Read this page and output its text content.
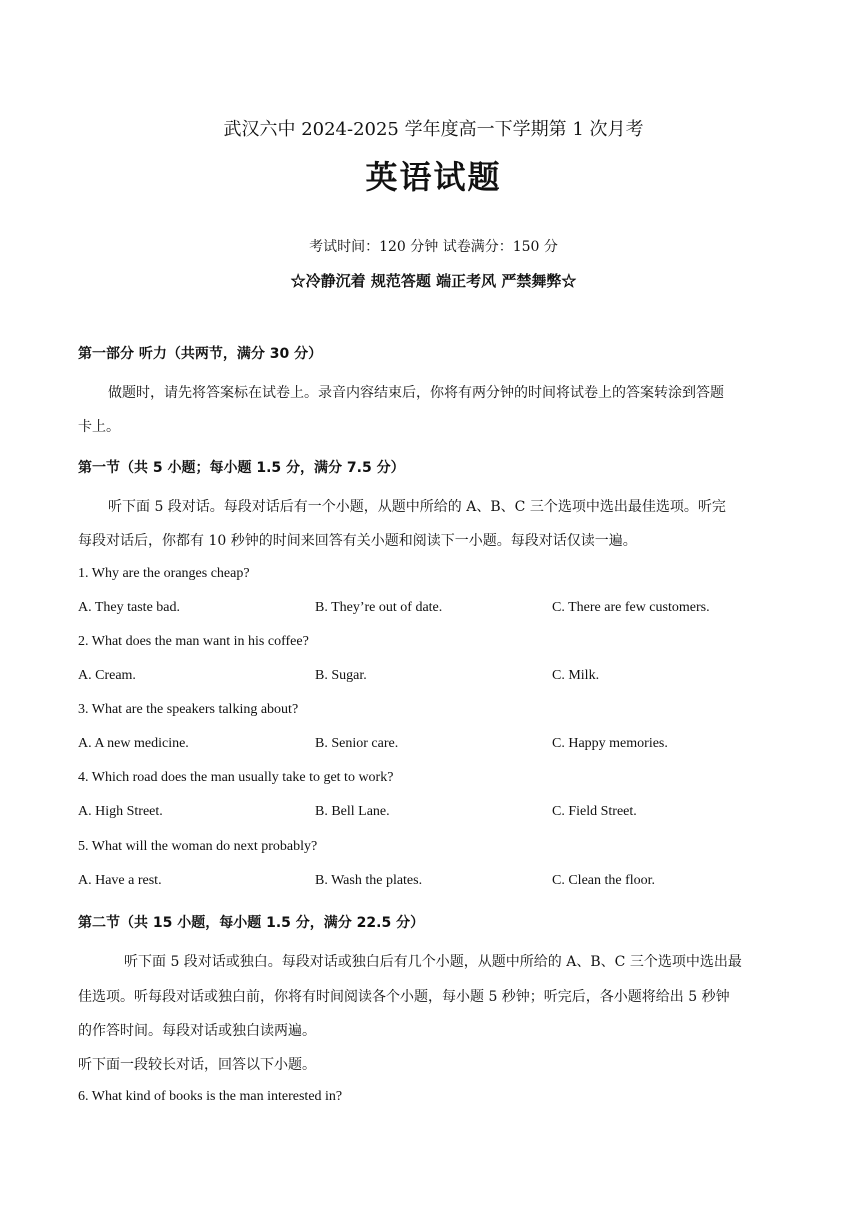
武汉六中 2024-2025 学年度高一下学期第 1 次月考
英语试题
考试时间：120 分钟 试卷满分：150 分
☆冷静沉着 规范答题 端正考风 严禁舞弊☆
第一部分 听力（共两节，满分 30 分）
做题时，请先将答案标在试卷上。录音内容结束后，你将有两分钟的时间将试卷上的答案转涂到答题
卡上。
第一节（共 5 小题；每小题 1.5 分，满分 7.5 分）
听下面 5 段对话。每段对话后有一个小题，从题中所给的 A、B、C 三个选项中选出最佳选项。听完
每段对话后，你都有 10 秒钟的时间来回答有关小题和阅读下一小题。每段对话仅读一遍。
1. Why are the oranges cheap?
A. They taste bad.	B. They’re out of date.	C. There are few customers.
2. What does the man want in his coffee?
A. Cream.	B. Sugar.	C. Milk.
3. What are the speakers talking about?
A. A new medicine.	B. Senior care.	C. Happy memories.
4. Which road does the man usually take to get to work?
A. High Street.	B. Bell Lane.	C. Field Street.
5. What will the woman do next probably?
A. Have a rest.	B. Wash the plates.	C. Clean the floor.
第二节（共 15 小题，每小题 1.5 分，满分 22.5 分）
听下面 5 段对话或独白。每段对话或独白后有几个小题，从题中所给的 A、B、C 三个选项中选出最
佳选项。听每段对话或独白前，你将有时间阅读各个小题，每小题 5 秒钟；听完后，各小题将给出 5 秒钟
的作答时间。每段对话或独白读两遍。
听下面一段较长对话，回答以下小题。
6. What kind of books is the man interested in?
